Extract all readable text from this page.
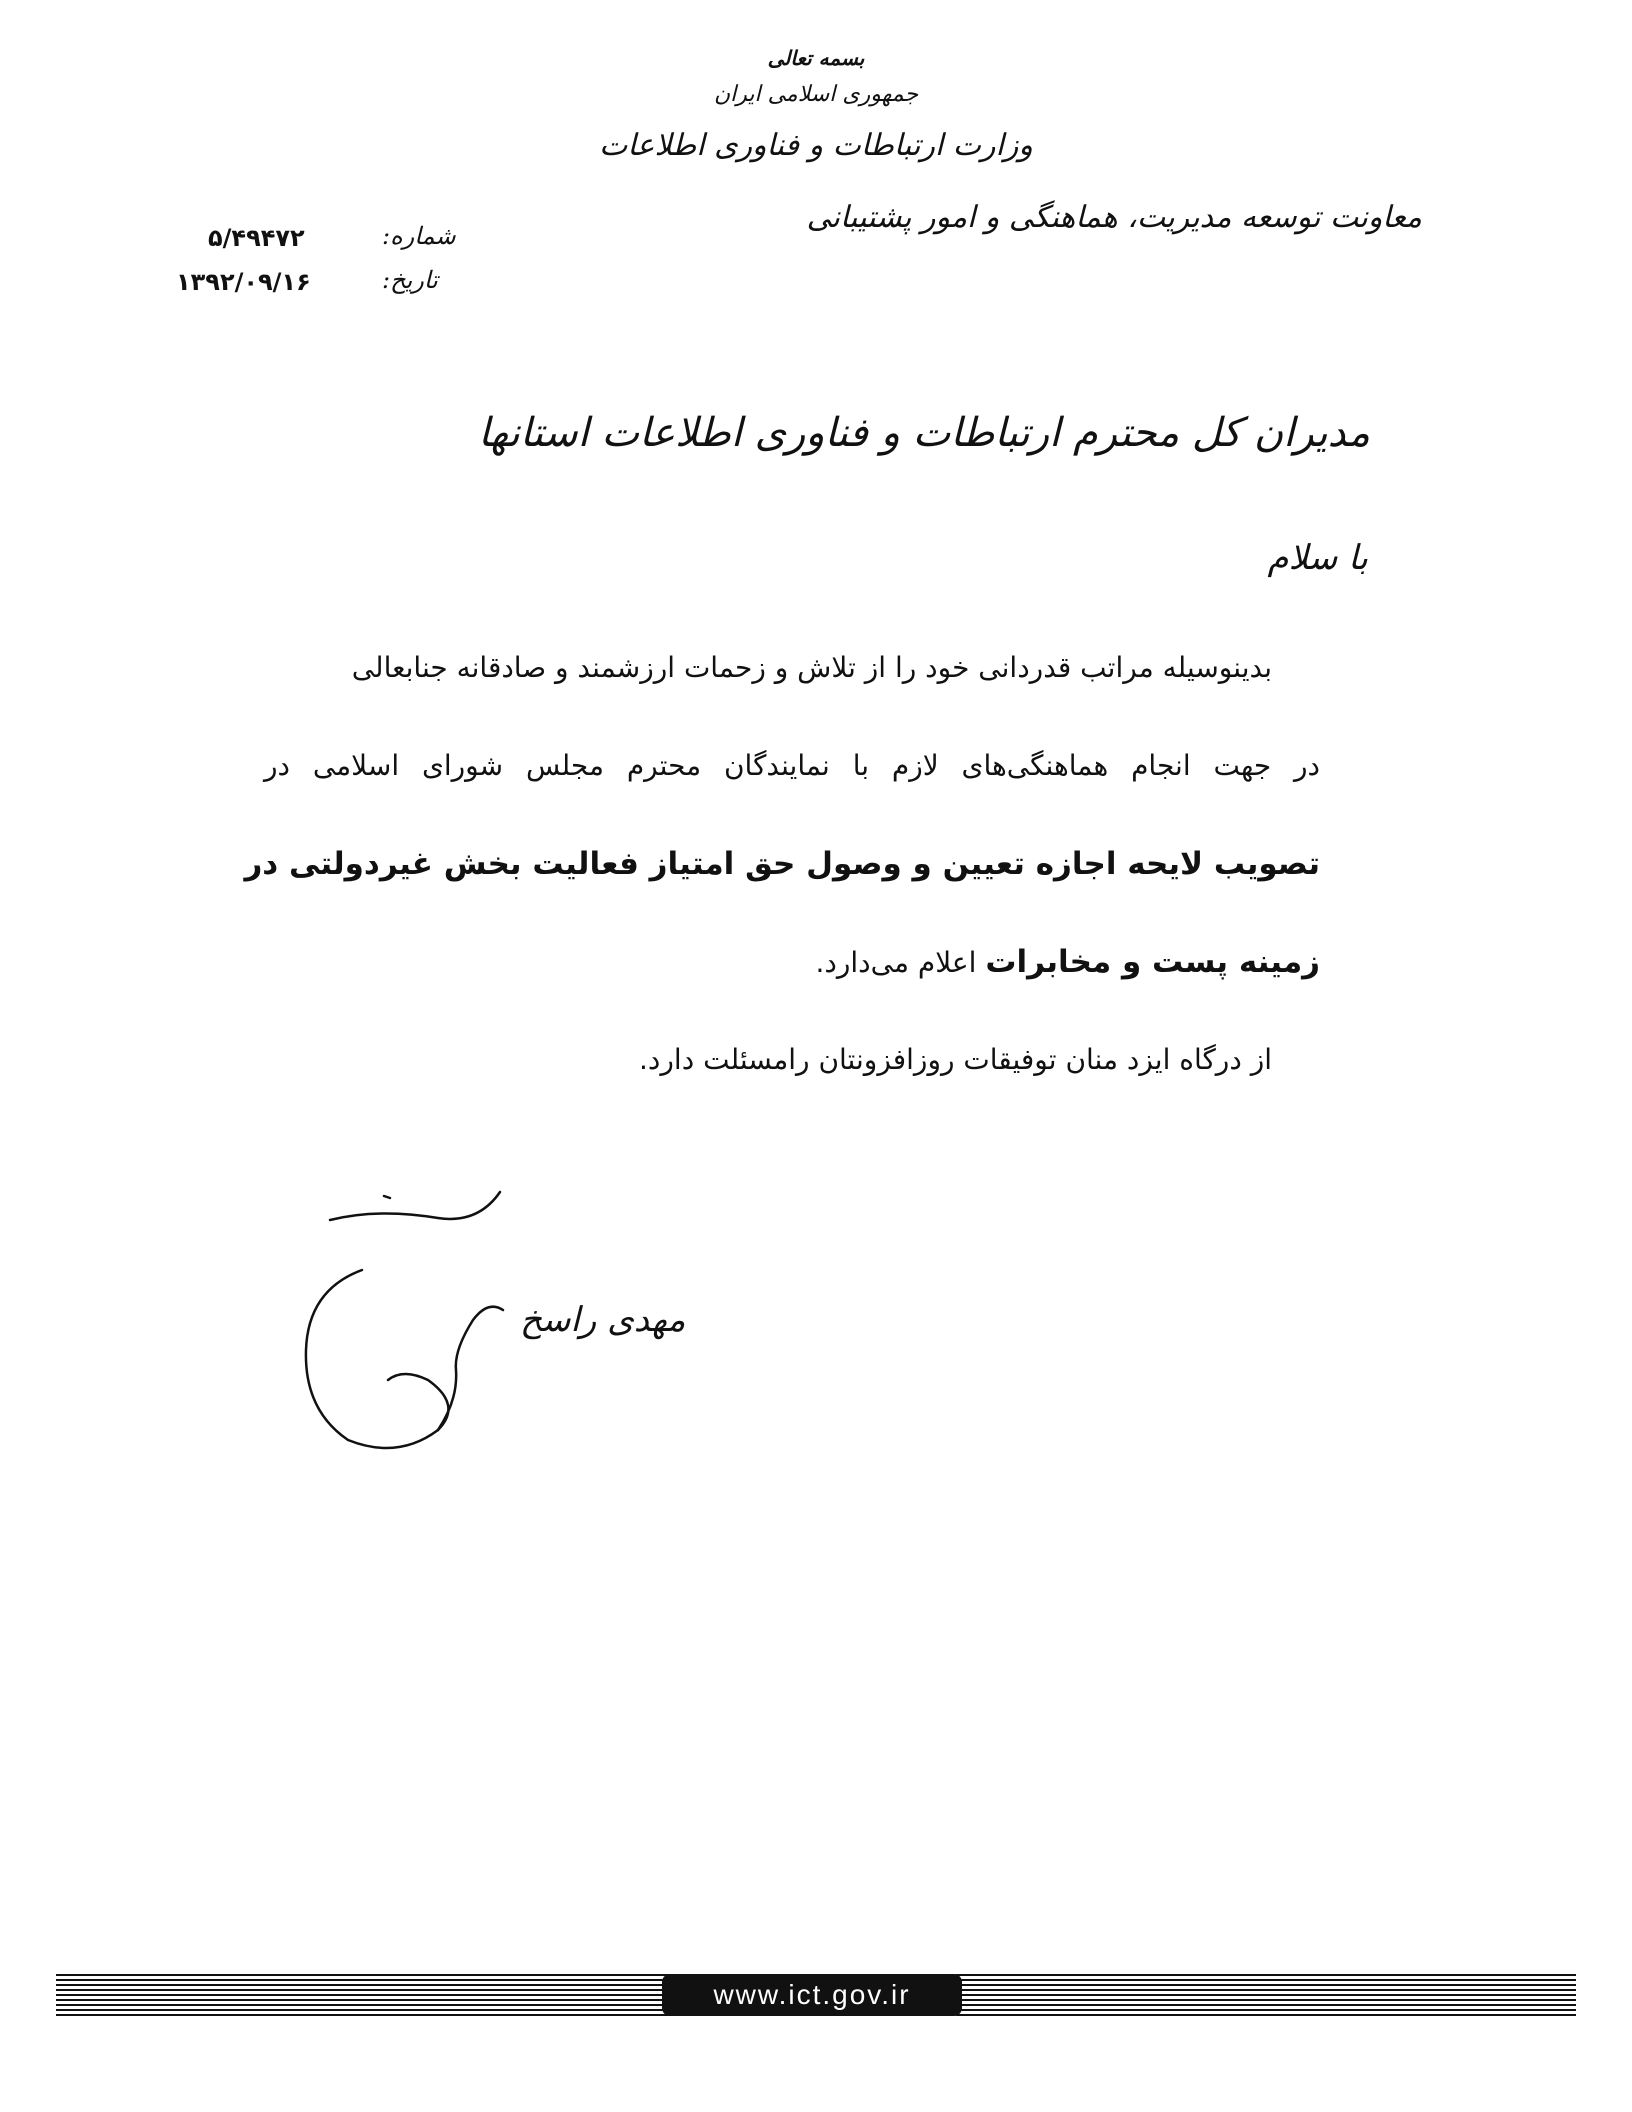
بسمه تعالی
جمهوری اسلامی ایران
وزارت ارتباطات و فناوری اطلاعات
معاونت توسعه مدیریت، هماهنگی و امور پشتیبانی
شماره:
۵/۴۹۴۷۲
تاریخ:
۱۳۹۲/۰۹/۱۶
مدیران کل محترم ارتباطات و فناوری اطلاعات استانها
با سلام
بدینوسیله مراتب قدردانی خود را از تلاش و زحمات ارزشمند و صادقانه جنابعالی
در جهت انجام هماهنگی‌های لازم با نمایندگان محترم مجلس شورای اسلامی در
تصویب لایحه اجازه تعیین و وصول حق امتیاز فعالیت بخش غیردولتی در
زمینه پست و مخابرات اعلام می‌دارد.
از درگاه ایزد منان توفیقات روزافزونتان رامسئلت دارد.
مهدی راسخ
www.ict.gov.ir
